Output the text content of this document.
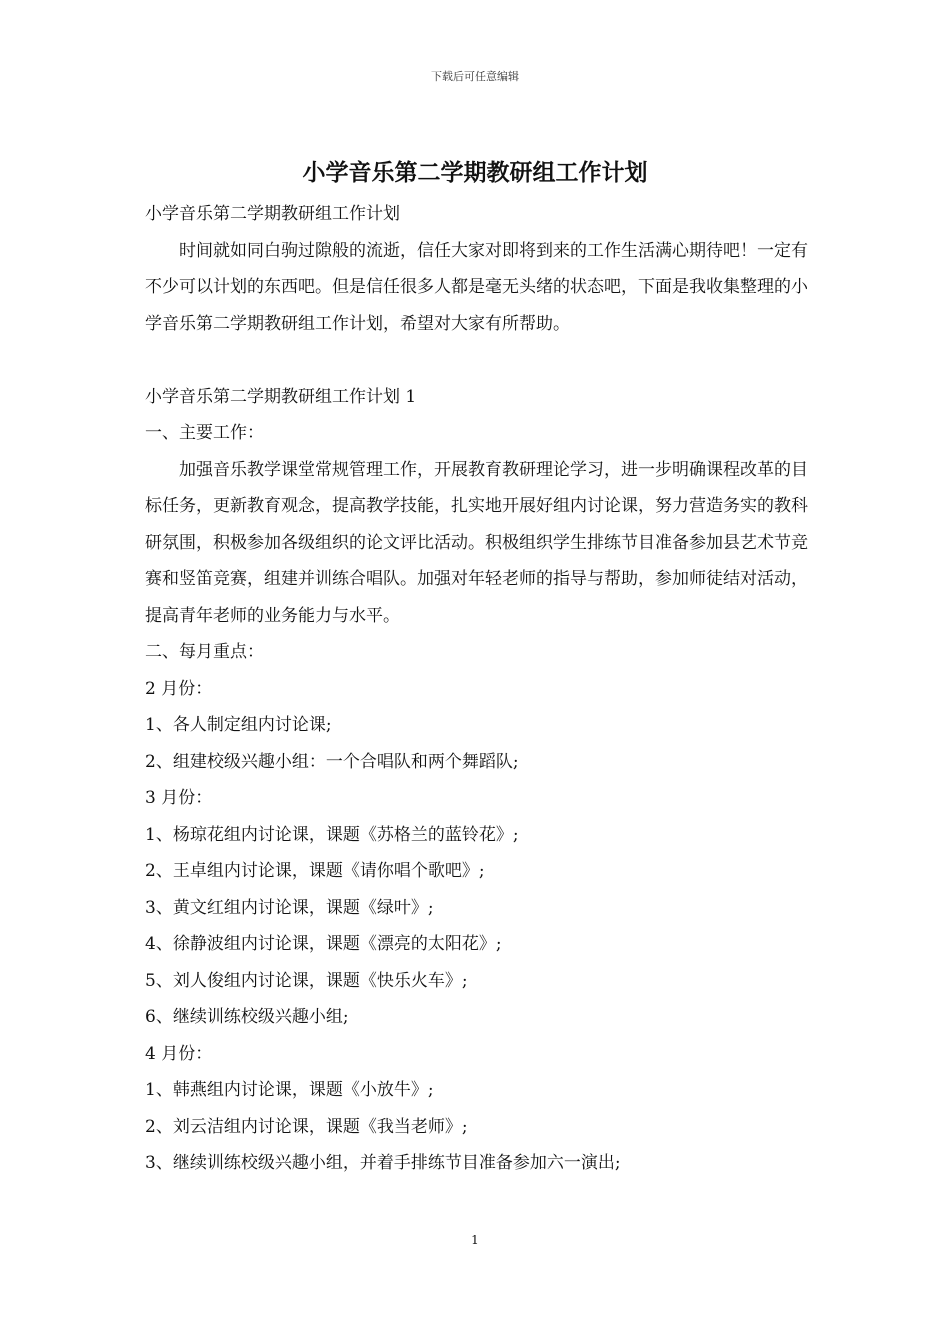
下载后可任意编辑
小学音乐第二学期教研组工作计划

小学音乐第二学期教研组工作计划

时间就如同白驹过隙般的流逝，信任大家对即将到来的工作生活满心期待吧！一定有不少可以计划的东西吧。但是信任很多人都是毫无头绪的状态吧，下面是我收集整理的小学音乐第二学期教研组工作计划，希望对大家有所帮助。

小学音乐第二学期教研组工作计划 1

一、主要工作：

加强音乐教学课堂常规管理工作，开展教育教研理论学习，进一步明确课程改革的目标任务，更新教育观念，提高教学技能，扎实地开展好组内讨论课，努力营造务实的教科研氛围，积极参加各级组织的论文评比活动。积极组织学生排练节目准备参加县艺术节竞赛和竖笛竞赛，组建并训练合唱队。加强对年轻老师的指导与帮助，参加师徒结对活动，提高青年老师的业务能力与水平。

二、每月重点：

2 月份：

1、各人制定组内讨论课;

2、组建校级兴趣小组：一个合唱队和两个舞蹈队;

3 月份：

1、杨琼花组内讨论课，课题《苏格兰的蓝铃花》;

2、王卓组内讨论课，课题《请你唱个歌吧》;

3、黄文红组内讨论课，课题《绿叶》;

4、徐静波组内讨论课，课题《漂亮的太阳花》;

5、刘人俊组内讨论课，课题《快乐火车》;

6、继续训练校级兴趣小组;

4 月份：

1、韩燕组内讨论课，课题《小放牛》;

2、刘云洁组内讨论课，课题《我当老师》;

3、继续训练校级兴趣小组，并着手排练节目准备参加六一演出;

1
